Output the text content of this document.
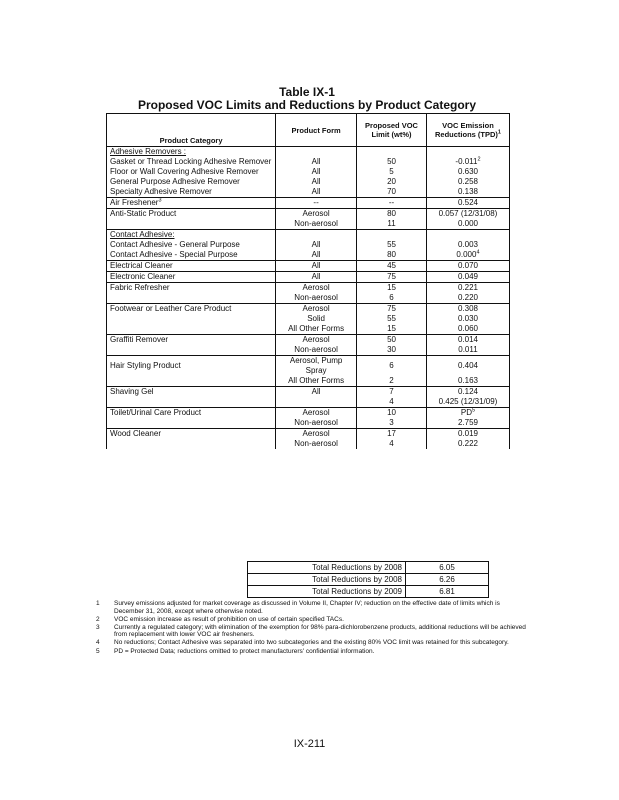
Table IX-1
Proposed VOC Limits and Reductions by Product Category
Product Category	Product Form	Proposed VOC Limit (wt%)	VOC Emission Reductions (TPD)$^1$
Adhesive Removers :			
Gasket or Thread Locking Adhesive Remover	All	50	-0.011$^2$
Floor or Wall Covering Adhesive Remover	All	5	0.630
General Purpose Adhesive Remover	All	20	0.258
Specialty Adhesive Remover	All	70	0.138
Air Freshener$^3$	--	--	0.524
Anti-Static Product	Aerosol	80	0.057 (12/31/08)
	Non-aerosol	11	0.000
Contact Adhesive:			
Contact Adhesive - General Purpose	All	55	0.003
Contact Adhesive - Special Purpose	All	80	0.000$^4$
Electrical Cleaner	All	45	0.070
Electronic Cleaner	All	75	0.049
Fabric Refresher	Aerosol	15	0.221
	Non-aerosol	6	0.220
Footwear or Leather Care Product	Aerosol	75	0.308
	Solid	55	0.030
	All Other Forms	15	0.060
Graffiti Remover	Aerosol	50	0.014
	Non-aerosol	30	0.011
Hair Styling Product	Aerosol, Pump Spray	6	0.404
	All Other Forms	2	0.163
Shaving Gel	All	7	0.124
		4	0.425 (12/31/09)
Toilet/Urinal Care Product	Aerosol	10	$PD^5$
	Non-aerosol	3	2.759
Wood Cleaner	Aerosol	17	0.019
	Non-aerosol	4	0.222
Total Reductions by 2008	6.05
Total Reductions by 2008	6.26
Total Reductions by 2009	6.81
1	Survey emissions adjusted for market coverage as discussed in Volume II, Chapter IV; reduction on the effective date of limits which is December 31, 2008, except where otherwise noted.
2	VOC emission increase as result of prohibition on use of certain specified TACs.
3	Currently a regulated category; with elimination of the exemption for 98% para-dichlorobenzene products, additional reductions will be achieved from replacement with lower VOC air fresheners.
4	No reductions; Contact Adhesive was separated into two subcategories and the existing 80% VOC limit was retained for this subcategory.
5	PD = Protected Data; reductions omitted to protect manufacturers' confidential information.
IX-211
